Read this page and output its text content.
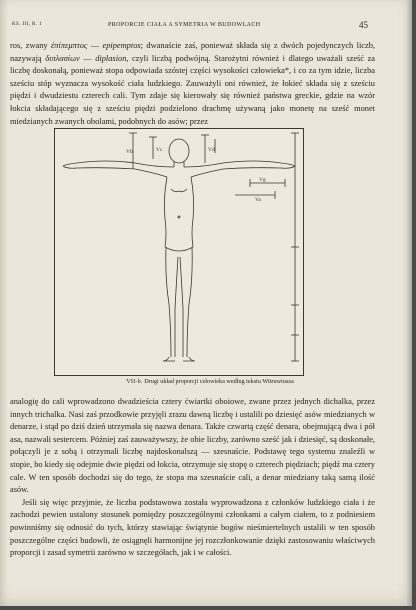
KS. III, R. 1	PROPORCJE CIAŁA A SYMETRIA W BUDOWLACH	45

ros, zwany ἐπίπεμπτος — epipemptos; dwanaście zaś, ponieważ składa się z dwóch pojedynczych liczb, nazywają διπλασίων — diplasion, czyli liczbą podwójną. Starożytni również i dlatego uważali sześć za liczbę doskonałą, ponieważ stopa odpowiada szóstej części wysokości człowieka*, i co za tym idzie, liczba sześciu stóp wyznacza wysokość ciała ludzkiego. Zauważyli oni również, że łokieć składa się z sześciu piędzi i dwudziestu czterech cali. Tym zdaje się kierowały się również państwa greckie, gdzie na wzór łokcia składającego się z sześciu piędzi podzielono drachmę używaną jako monetę na sześć monet miedzianych zwanych obolami, podobnych do asów; przez

Vb	Vc	Vd
Vg
Va
VII-b. Drugi układ proporcji człowieka według tekstu Witruwiusza

analogię do cali wprowadzono dwadzieścia cztery ćwiartki oboiowe, zwane przez jednych dichalka, przez innych trichalka. Nasi zaś przodkowie przyjęli zrazu dawną liczbę i ustalili po dziesięć asów miedzianych w denarze, i stąd po dziś dzień utrzymała się nazwa denara. Także czwartą część denara, obejmującą dwa i pół asa, nazwali sestercem. Później zaś zauważywszy, że obie liczby, zarówno sześć jak i dziesięć, są doskonałe, połączyli je z sobą i otrzymali liczbę najdoskonalszą — szesnaście. Podstawę tego systemu znaleźli w stopie, bo kiedy się odejmie dwie piędzi od łokcia, otrzymuje się stopę o czterech piędziach; piędź ma cztery cale. W ten sposób dochodzi się do tego, że stopa ma szesnaście cali, a denar miedziany taką samą ilość asów.

Jeśli się więc przyjmie, że liczba podstawowa została wyprowadzona z członków ludzkiego ciała i że zachodzi pewien ustalony stosunek pomiędzy poszczególnymi członkami a całym ciałem, to z podniesiem powinniśmy się odnosić do tych, którzy stawiając świątynie bogów nieśmiertelnych ustalili w ten sposób poszczególne części budowli, że osiągnęli harmonijne jej rozczłonkowanie dzięki zastosowaniu właściwych proporcji i zasad symetrii zarówno w szczegółach, jak i w całości.
